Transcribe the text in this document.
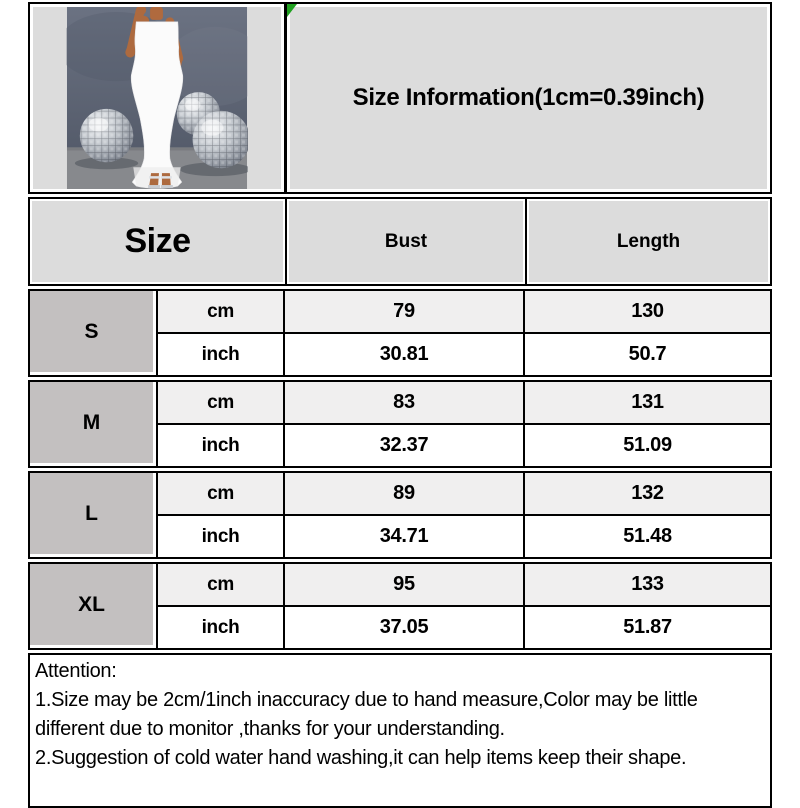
Size Information(1cm=0.39inch)
Size	Bust	Length
S
cm	79	130
inch	30.81	50.7
M
cm	83	131
inch	32.37	51.09
L
cm	89	132
inch	34.71	51.48
XL
cm	95	133
inch	37.05	51.87
Attention:
1.Size may be 2cm/1inch inaccuracy due to hand measure,Color may be little different due to monitor ,thanks for your understanding.
2.Suggestion of cold water hand washing,it can help items keep their shape.
